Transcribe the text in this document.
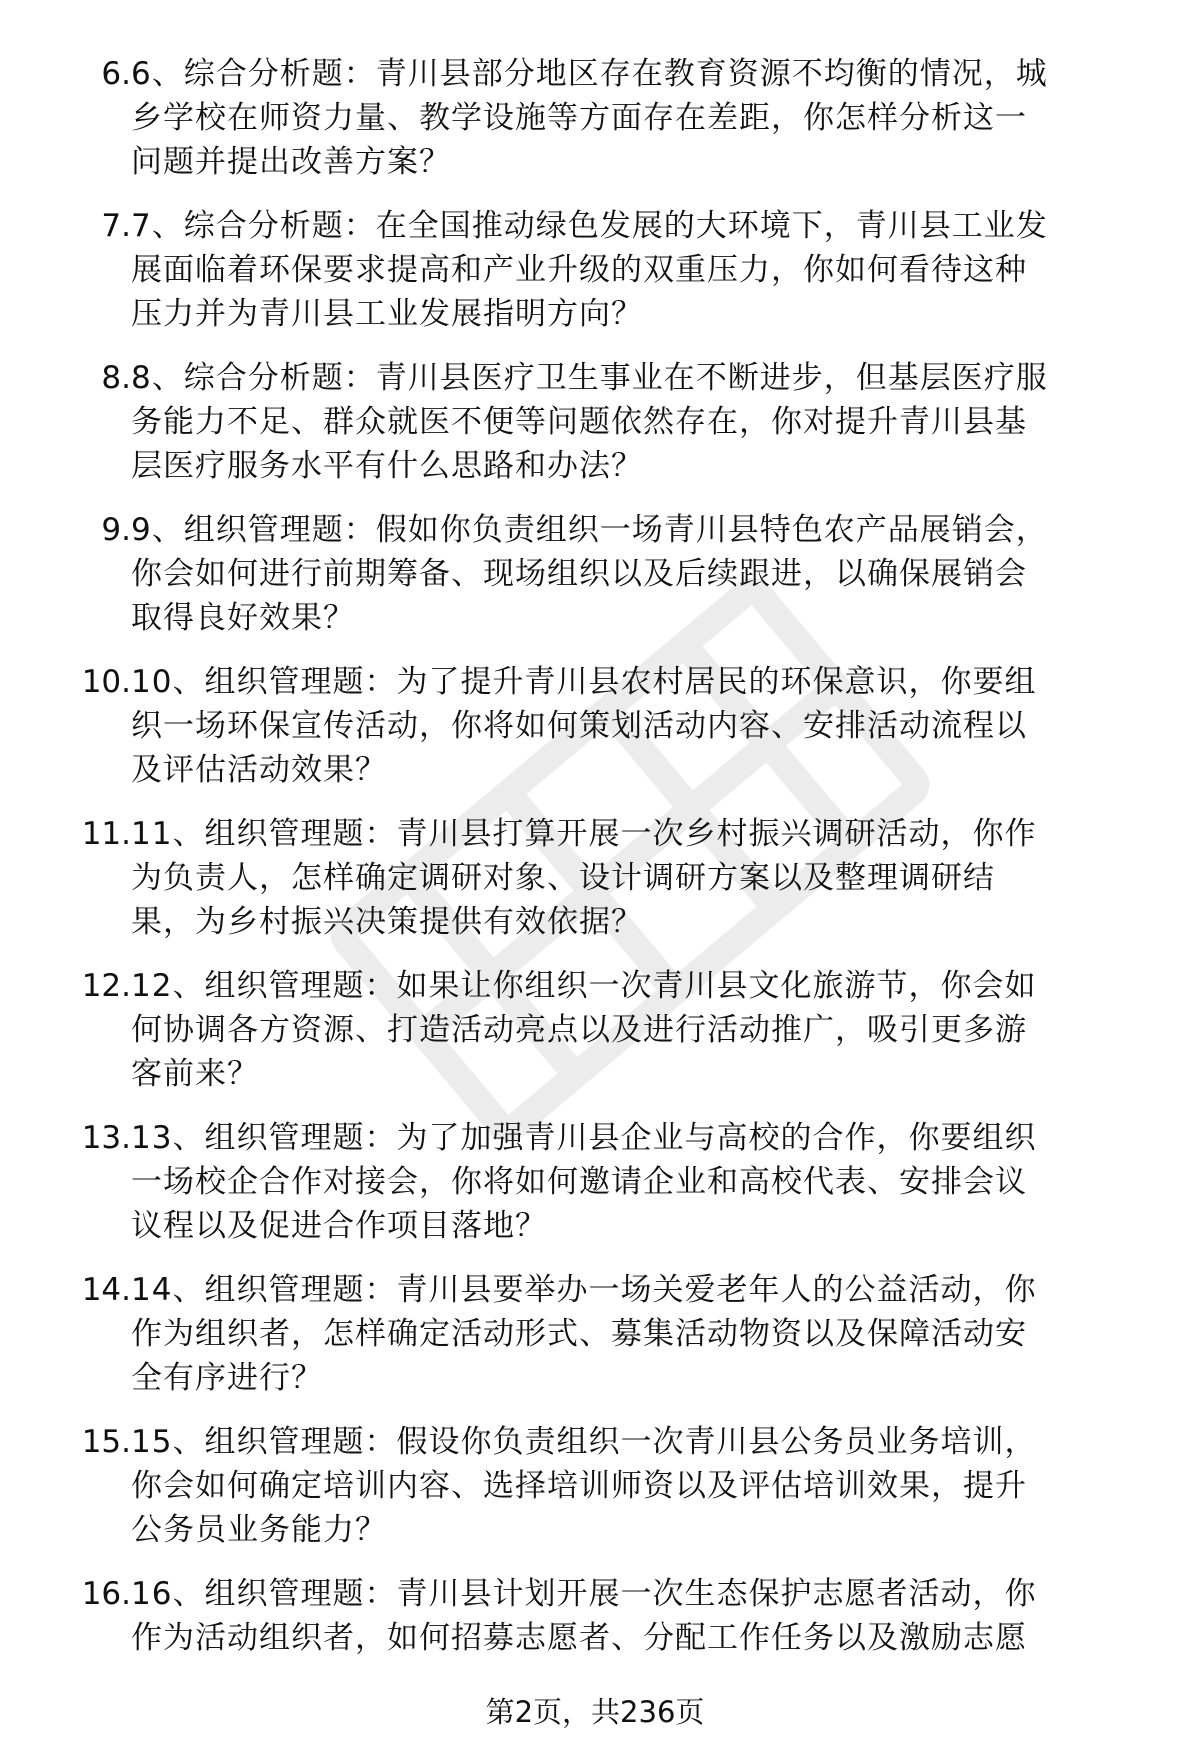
6. 6、综合分析题：青川县部分地区存在教育资源不均衡的情况，城
乡学校在师资力量、教学设施等方面存在差距，你怎样分析这一
问题并提出改善方案？
7. 7、综合分析题：在全国推动绿色发展的大环境下，青川县工业发
展面临着环保要求提高和产业升级的双重压力，你如何看待这种
压力并为青川县工业发展指明方向？
8. 8、综合分析题：青川县医疗卫生事业在不断进步，但基层医疗服
务能力不足、群众就医不便等问题依然存在，你对提升青川县基
层医疗服务水平有什么思路和办法？
9. 9、组织管理题：假如你负责组织一场青川县特色农产品展销会，
你会如何进行前期筹备、现场组织以及后续跟进，以确保展销会
取得良好效果？
10. 10、组织管理题：为了提升青川县农村居民的环保意识，你要组
织一场环保宣传活动，你将如何策划活动内容、安排活动流程以
及评估活动效果？
11. 11、组织管理题：青川县打算开展一次乡村振兴调研活动，你作
为负责人，怎样确定调研对象、设计调研方案以及整理调研结
果，为乡村振兴决策提供有效依据？
12. 12、组织管理题：如果让你组织一次青川县文化旅游节，你会如
何协调各方资源、打造活动亮点以及进行活动推广，吸引更多游
客前来？
13. 13、组织管理题：为了加强青川县企业与高校的合作，你要组织
一场校企合作对接会，你将如何邀请企业和高校代表、安排会议
议程以及促进合作项目落地？
14. 14、组织管理题：青川县要举办一场关爱老年人的公益活动，你
作为组织者，怎样确定活动形式、募集活动物资以及保障活动安
全有序进行？
15. 15、组织管理题：假设你负责组织一次青川县公务员业务培训，
你会如何确定培训内容、选择培训师资以及评估培训效果，提升
公务员业务能力？
16. 16、组织管理题：青川县计划开展一次生态保护志愿者活动，你
作为活动组织者，如何招募志愿者、分配工作任务以及激励志愿
第2页，共236页
